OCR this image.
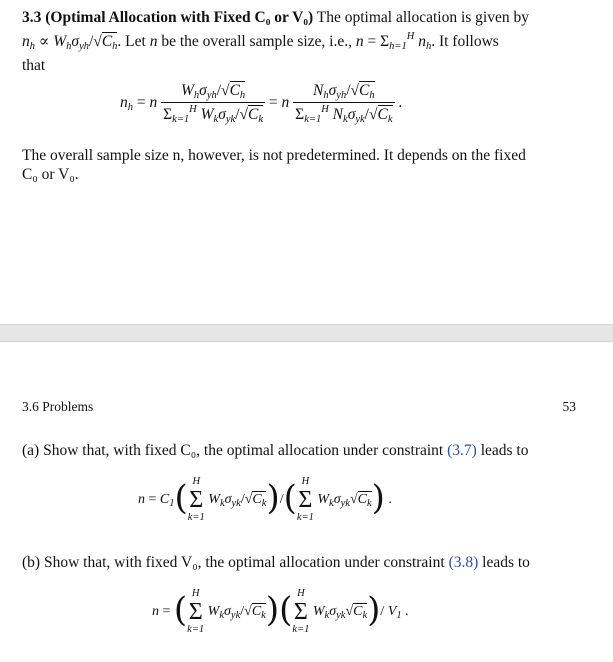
3.3 (Optimal Allocation with Fixed C₀ or V₀) The optimal allocation is given by
$n_h \propto W_h\sigma_{yh}/√C_h$. Let n be the overall sample size, i.e., $n = \Sigma_{h=1}^H$ $n_h$. It follows
that
$n_h = n \frac{W_h\sigma_{yh}/√C_h}{\Sigma_{k=1}^H W_k\sigma_{yk}/√C_k} = n \frac{N_h\sigma_{yh}/√C_h}{\Sigma_{k=1}^H N_k\sigma_{yk}/√C_k}$ .
The overall sample size n, however, is not predetermined. It depends on the fixed
C₀ or V₀.
3.6 Problems	53
(a) Show that, with fixed C₀, the optimal allocation under constraint (3.7) leads to
$n = C_1$( H
Σ
k=1
$W_k\sigma_{yk}/√C_k)/$( H
Σ
k=1
$W_k\sigma_{yk}√C_k$) .
(b) Show that, with fixed V₀, the optimal allocation under constraint (3.8) leads to
n = ( H
Σ
k=1
$W_k\sigma_{yk}/√C_k$)( H
Σ
k=1
$W_k\sigma_{yk}√C_k)/$ $V_1$ .
